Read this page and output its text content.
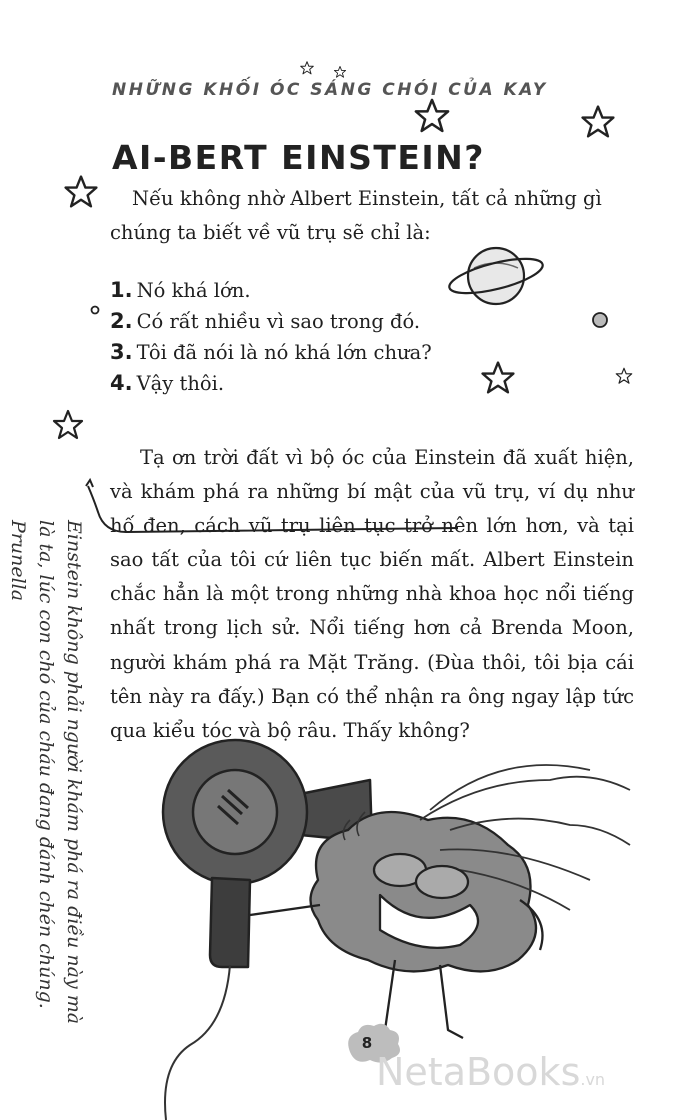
NHỮNG KHỐI ÓC SÁNG CHÓI CỦA KAY
AI-BERT EINSTEIN?
Nếu không nhờ Albert Einstein, tất cả những gì chúng ta biết về vũ trụ sẽ chỉ là:
1. Nó khá lớn.
2. Có rất nhiều vì sao trong đó.
3. Tôi đã nói là nó khá lớn chưa?
4. Vậy thôi.
Tạ ơn trời đất vì bộ óc của Einstein đã xuất hiện, và khám phá ra những bí mật của vũ trụ, ví dụ như hố đen, cách vũ trụ liên tục trở nên lớn hơn, và tại sao tất của tôi cứ liên tục biến mất. Albert Einstein chắc hẳn là một trong những nhà khoa học nổi tiếng nhất trong lịch sử. Nổi tiếng hơn cả Brenda Moon, người khám phá ra Mặt Trăng. (Đùa thôi, tôi bịa cái tên này ra đấy.) Bạn có thể nhận ra ông ngay lập tức qua kiểu tóc và bộ râu. Thấy không?
Einstein không phải người khám phá ra điều này mà là ta, lúc con chó của cháu đang đánh chén chúng. Prunella
8
NetaBooks.vn
